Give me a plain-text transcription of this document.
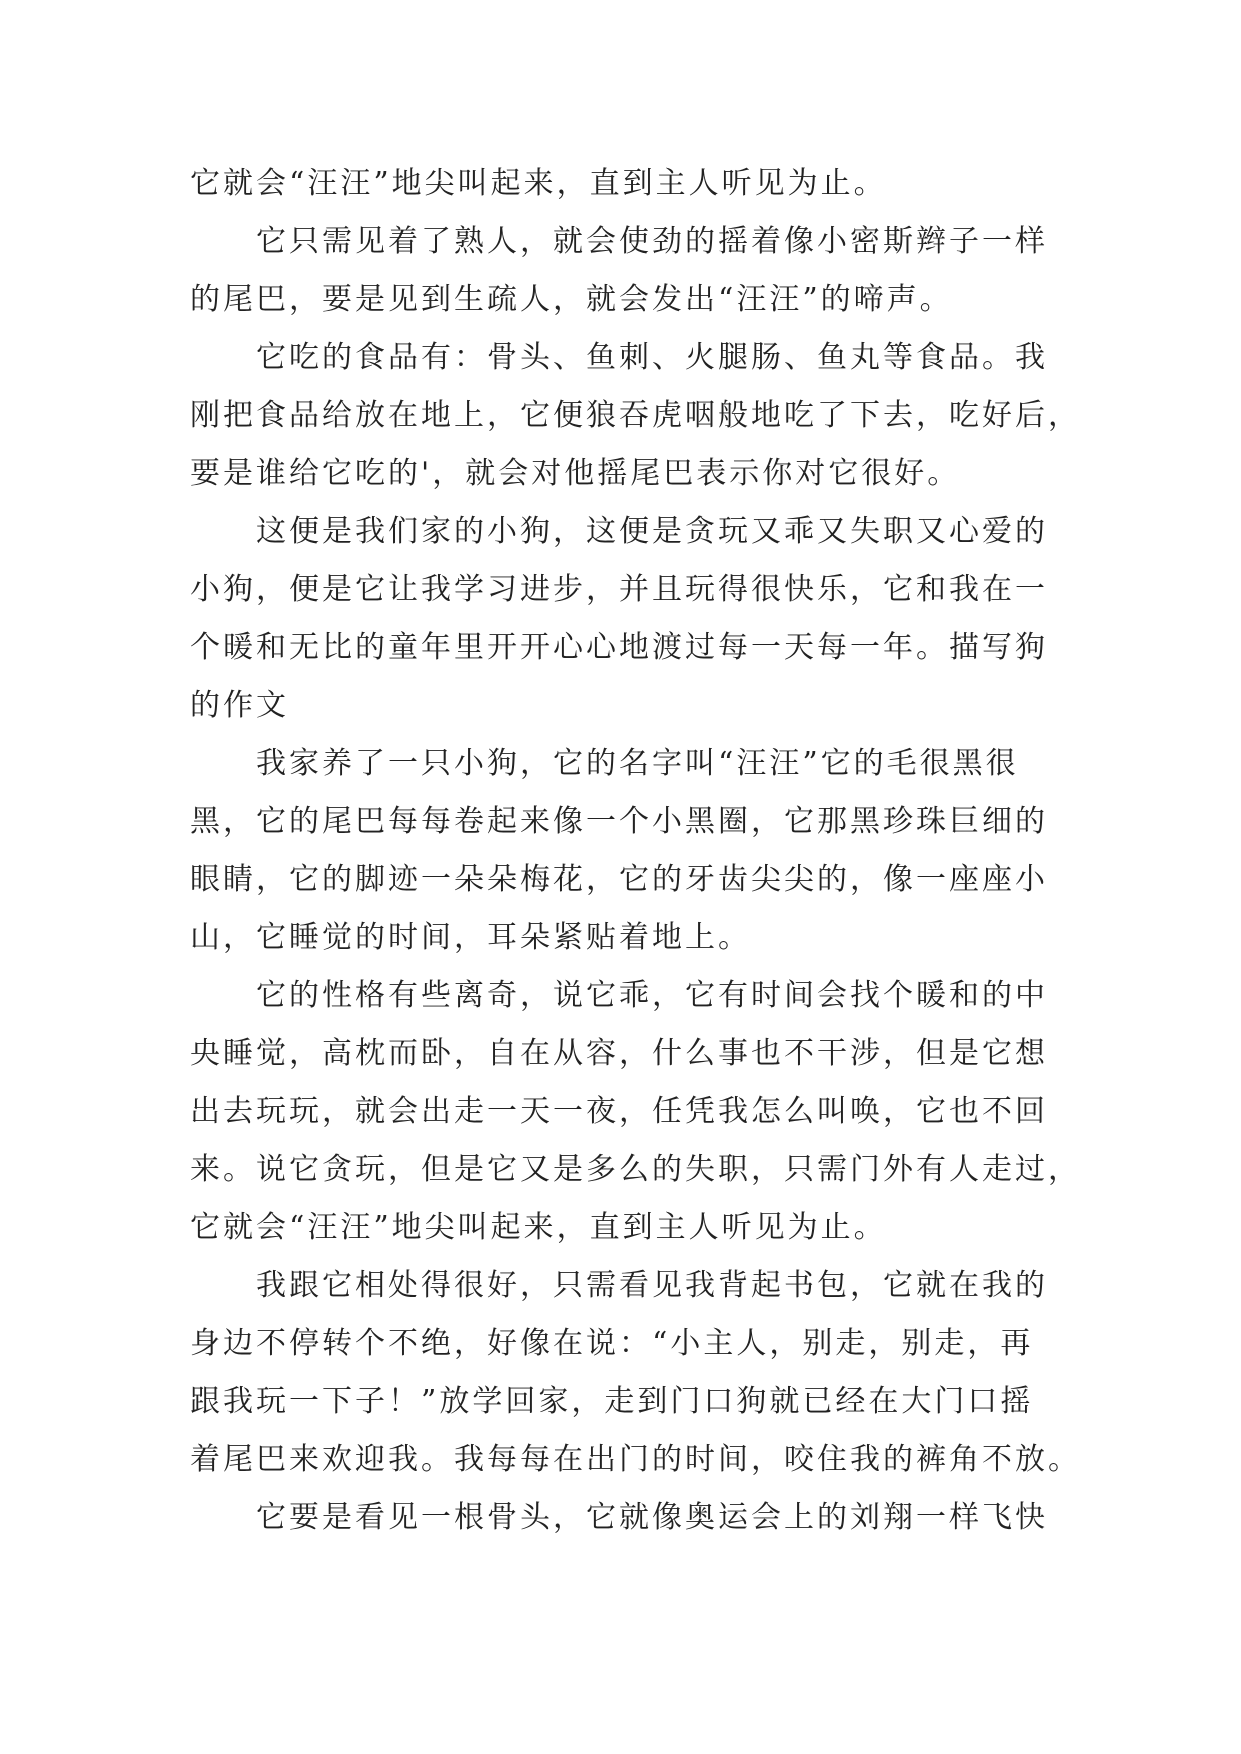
它就会“汪汪”地尖叫起来，直到主人听见为止。
它只需见着了熟人，就会使劲的摇着像小密斯辫子一样
的尾巴，要是见到生疏人，就会发出“汪汪”的啼声。
它吃的食品有：骨头、鱼刺、火腿肠、鱼丸等食品。我
刚把食品给放在地上，它便狼吞虎咽般地吃了下去，吃好后，
要是谁给它吃的'，就会对他摇尾巴表示你对它很好。
这便是我们家的小狗，这便是贪玩又乖又失职又心爱的
小狗，便是它让我学习进步，并且玩得很快乐，它和我在一
个暖和无比的童年里开开心心地渡过每一天每一年。描写狗
的作文
我家养了一只小狗，它的名字叫“汪汪”它的毛很黑很
黑，它的尾巴每每卷起来像一个小黑圈，它那黑珍珠巨细的
眼睛，它的脚迹一朵朵梅花，它的牙齿尖尖的，像一座座小
山，它睡觉的时间，耳朵紧贴着地上。
它的性格有些离奇，说它乖，它有时间会找个暖和的中
央睡觉，高枕而卧，自在从容，什么事也不干涉，但是它想
出去玩玩，就会出走一天一夜，任凭我怎么叫唤，它也不回
来。说它贪玩，但是它又是多么的失职，只需门外有人走过，
它就会“汪汪”地尖叫起来，直到主人听见为止。
我跟它相处得很好，只需看见我背起书包，它就在我的
身边不停转个不绝，好像在说：“小主人，别走，别走，再
跟我玩一下子！”放学回家，走到门口狗就已经在大门口摇
着尾巴来欢迎我。我每每在出门的时间，咬住我的裤角不放。
它要是看见一根骨头，它就像奥运会上的刘翔一样飞快
